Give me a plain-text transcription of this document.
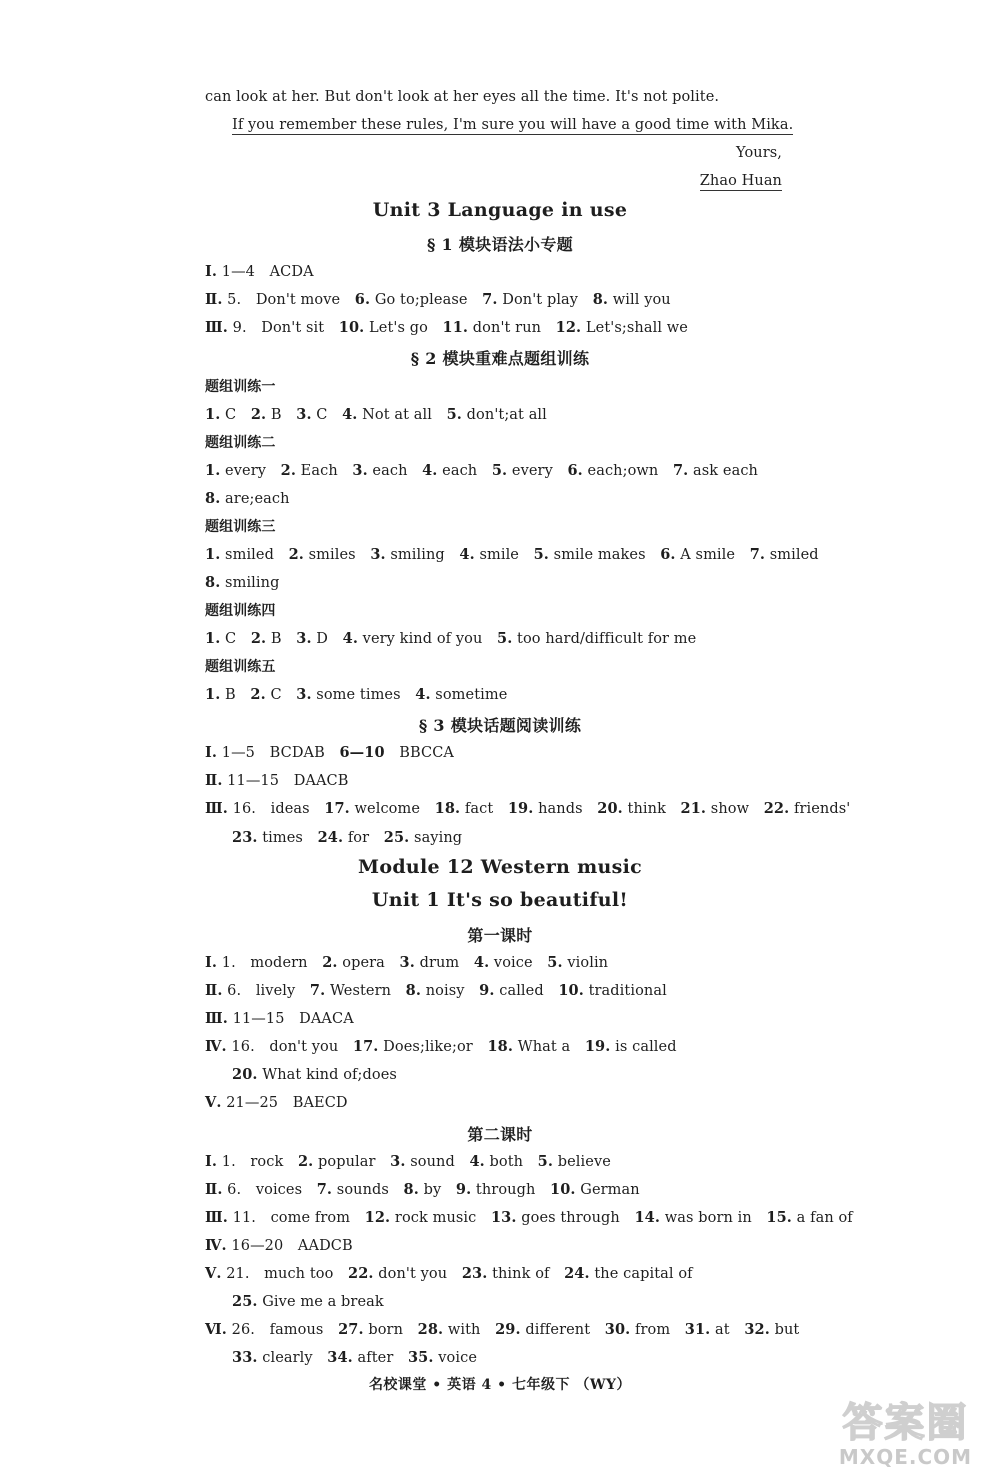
can look at her. But don't look at her eyes all the time. It's not polite.
If you remember these rules, I'm sure you will have a good time with Mika.
Yours,
Zhao Huan
Unit 3 Language in use
§ 1 模块语法小专题
Ⅰ. 1—4 ACDA
Ⅱ. 5. Don't move 6. Go to;please 7. Don't play 8. will you
Ⅲ. 9. Don't sit 10. Let's go 11. don't run 12. Let's;shall we
§ 2 模块重难点题组训练
题组训练一
1. C 2. B 3. C 4. Not at all 5. don't;at all
题组训练二
1. every 2. Each 3. each 4. each 5. every 6. each;own 7. ask each
8. are;each
题组训练三
1. smiled 2. smiles 3. smiling 4. smile 5. smile makes 6. A smile 7. smiled
8. smiling
题组训练四
1. C 2. B 3. D 4. very kind of you 5. too hard/difficult for me
题组训练五
1. B 2. C 3. some times 4. sometime
§ 3 模块话题阅读训练
Ⅰ. 1—5 BCDAB 6—10 BBCCA
Ⅱ. 11—15 DAACB
Ⅲ. 16. ideas 17. welcome 18. fact 19. hands 20. think 21. show 22. friends'
23. times 24. for 25. saying
Module 12 Western music
Unit 1 It's so beautiful!
第一课时
Ⅰ. 1. modern 2. opera 3. drum 4. voice 5. violin
Ⅱ. 6. lively 7. Western 8. noisy 9. called 10. traditional
Ⅲ. 11—15 DAACA
Ⅳ. 16. don't you 17. Does;like;or 18. What a 19. is called
20. What kind of;does
Ⅴ. 21—25 BAECD
第二课时
Ⅰ. 1. rock 2. popular 3. sound 4. both 5. believe
Ⅱ. 6. voices 7. sounds 8. by 9. through 10. German
Ⅲ. 11. come from 12. rock music 13. goes through 14. was born in 15. a fan of
Ⅳ. 16—20 AADCB
Ⅴ. 21. much too 22. don't you 23. think of 24. the capital of
25. Give me a break
Ⅵ. 26. famous 27. born 28. with 29. different 30. from 31. at 32. but
33. clearly 34. after 35. voice
名校课堂 • 英语 4 • 七年级下 （WY）
答案圈
MXQE.COM
